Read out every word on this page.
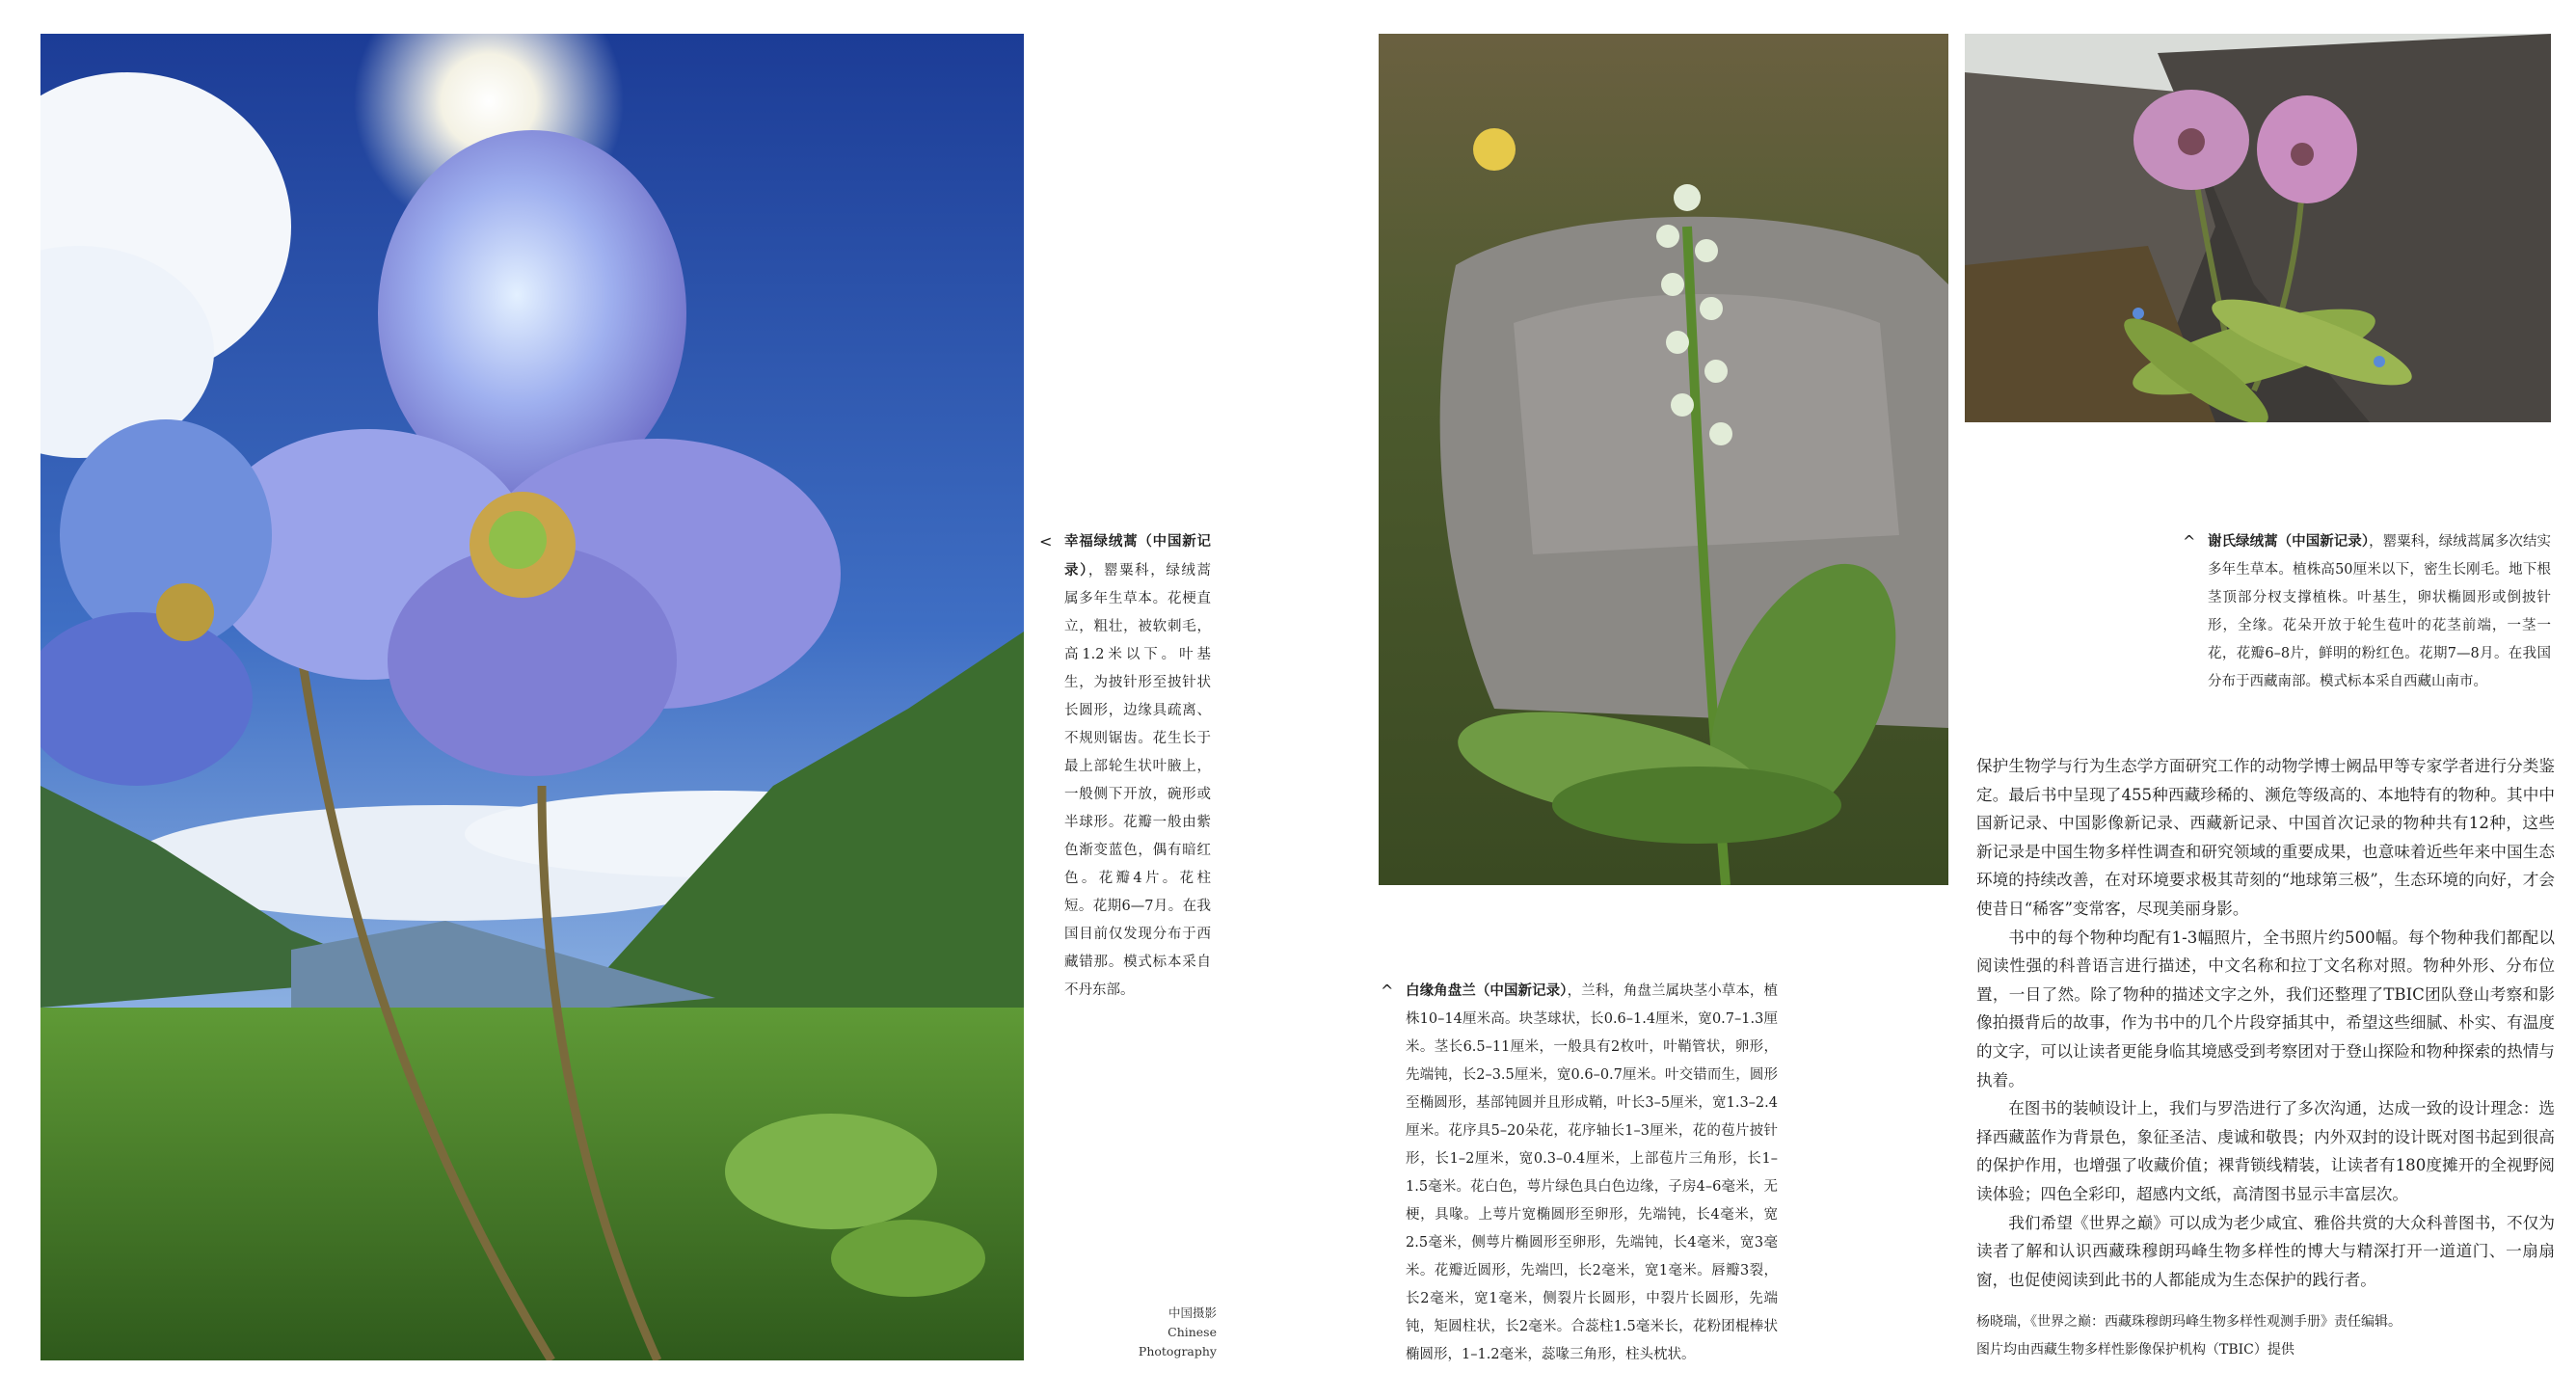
< 幸福绿绒蒿（中国新记录），罂粟科，绿绒蒿属多年生草本。花梗直立，粗壮，被软刺毛，高1.2米以下。叶基生，为披针形至披针状长圆形，边缘具疏离、不规则锯齿。花生长于最上部轮生状叶腋上，一般侧下开放，碗形或半球形。花瓣一般由紫色渐变蓝色，偶有暗红色。花瓣4片。花柱短。花期6—7月。在我国目前仅发现分布于西藏错那。模式标本采自不丹东部。	^ 白缘角盘兰（中国新记录），兰科，角盘兰属块茎小草本，植株10–14厘米高。块茎球状，长0.6–1.4厘米，宽0.7–1.3厘米。茎长6.5–11厘米，一般具有2枚叶，叶鞘管状，卵形，先端钝，长2–3.5厘米，宽0.6–0.7厘米。叶交错而生，圆形至椭圆形，基部钝圆并且形成鞘，叶长3–5厘米，宽1.3–2.4厘米。花序具5–20朵花，花序轴长1–3厘米，花的苞片披针形，长1–2厘米，宽0.3–0.4厘米，上部苞片三角形，长1–1.5毫米。花白色，萼片绿色具白色边缘，子房4–6毫米，无梗，具喙。上萼片宽椭圆形至卵形，先端钝，长4毫米，宽2.5毫米，侧萼片椭圆形至卵形，先端钝，长4毫米，宽3毫米。花瓣近圆形，先端凹，长2毫米，宽1毫米。唇瓣3裂，长2毫米，宽1毫米，侧裂片长圆形，中裂片长圆形，先端钝，矩圆柱状，长2毫米。合蕊柱1.5毫米长，花粉团棍棒状椭圆形，1–1.2毫米，蕊喙三角形，柱头枕状。
^ 谢氏绿绒蒿（中国新记录），罂粟科，绿绒蒿属多次结实多年生草本。植株高50厘米以下，密生长刚毛。地下根茎顶部分杈支撑植株。叶基生，卵状椭圆形或倒披针形，全缘。花朵开放于轮生苞叶的花茎前端，一茎一花，花瓣6–8片，鲜明的粉红色。花期7—8月。在我国分布于西藏南部。模式标本采自西藏山南市。
中国摄影
Chinese
Photography

保护生物学与行为生态学方面研究工作的动物学博士阙品甲等专家学者进行分类鉴定。最后书中呈现了455种西藏珍稀的、濒危等级高的、本地特有的物种。其中中国新记录、中国影像新记录、西藏新记录、中国首次记录的物种共有12种，这些新记录是中国生物多样性调查和研究领域的重要成果，也意味着近些年来中国生态环境的持续改善，在对环境要求极其苛刻的“地球第三极”，生态环境的向好，才会使昔日“稀客”变常客，尽现美丽身影。

书中的每个物种均配有1-3幅照片，全书照片约500幅。每个物种我们都配以阅读性强的科普语言进行描述，中文名称和拉丁文名称对照。物种外形、分布位置，一目了然。除了物种的描述文字之外，我们还整理了TBIC团队登山考察和影像拍摄背后的故事，作为书中的几个片段穿插其中，希望这些细腻、朴实、有温度的文字，可以让读者更能身临其境感受到考察团对于登山探险和物种探索的热情与执着。

在图书的装帧设计上，我们与罗浩进行了多次沟通，达成一致的设计理念：选择西藏蓝作为背景色，象征圣洁、虔诚和敬畏；内外双封的设计既对图书起到很高的保护作用，也增强了收藏价值；裸背锁线精装，让读者有180度摊开的全视野阅读体验；四色全彩印，超感内文纸，高清图书显示丰富层次。

我们希望《世界之巅》可以成为老少咸宜、雅俗共赏的大众科普图书，不仅为读者了解和认识西藏珠穆朗玛峰生物多样性的博大与精深打开一道道门、一扇扇窗，也促使阅读到此书的人都能成为生态保护的践行者。

杨晓瑞，《世界之巅：西藏珠穆朗玛峰生物多样性观测手册》责任编辑。
图片均由西藏生物多样性影像保护机构（TBIC）提供
